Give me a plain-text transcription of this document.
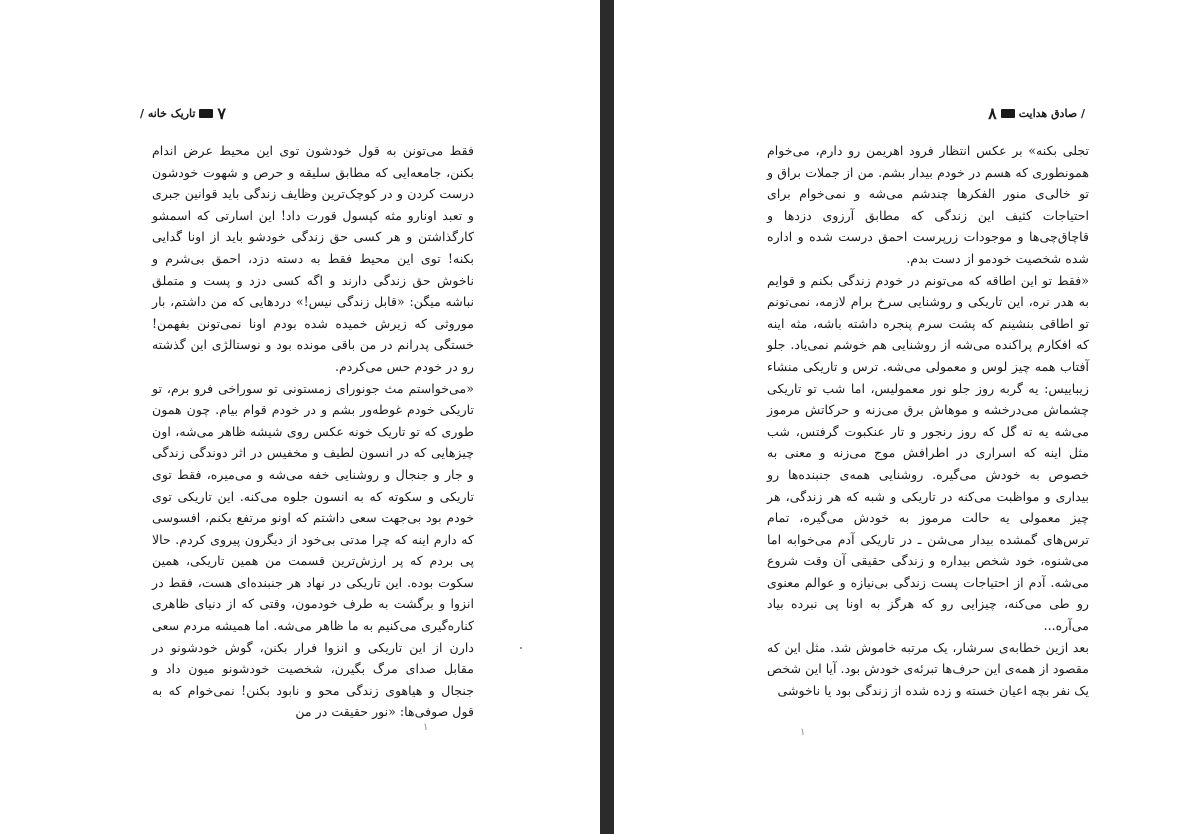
۷
تاریک خانه /

فقط می‌تونن به قول خودشون توی این محیط عرض اندام بکنن، جامعه‌ایی که مطابق سلیقه و حرص و شهوت خودشون درست کردن و در کوچک‌ترین وظایف زندگی باید قوانین جبری و تعبد اونارو مثه کپسول قورت داد! این اسارتی که اسمشو کارگذاشتن و هر کسی حق زندگی خودشو باید از اونا گدایی بکنه! توی این محیط فقط به دسته دزد، احمق بی‌شرم و ناخوش حق زندگی دارند و اگه کسی دزد و پست و متملق نباشه میگن: «قابل زندگی نیس!» دردهایی که من داشتم، بار موروثی که زیرش خمیده شده بودم اونا نمی‌تونن بفهمن! خستگی پدرانم در من باقی مونده بود و نوستالژی این گذشته رو در خودم حس می‌کردم.

«می‌خواستم مث جونورای زمستونی تو سوراخی فرو برم، تو تاریکی خودم غوطه‌ور بشم و در خودم قوام بیام. چون همون طوری که تو تاریک خونه عکس روی شیشه ظاهر می‌شه، اون چیزهایی که در انسون لطیف و مخفیس در اثر دوندگی زندگی و جار و جنجال و روشنایی خفه می‌شه و می‌میره، فقط توی تاریکی و سکوته که به انسون جلوه می‌کنه. این تاریکی توی خودم بود بی‌جهت سعی داشتم که اونو مرتفع بکنم، افسوسی که دارم اینه که چرا مدتی بی‌خود از دیگرون پیروی کردم. حالا پی بردم که پر ارزش‌ترین قسمت من همین تاریکی، همین سکوت بوده. این تاریکی در نهاد هر جنبنده‌ای هست، فقط در انزوا و برگشت به طرف خودمون، وقتی که از دنیای ظاهری کناره‌گیری می‌کنیم به ما ظاهر می‌شه. اما همیشه مردم سعی دارن از این تاریکی و انزوا فرار بکنن، گوش خودشونو در مقابل صدای مرگ بگیرن، شخصیت خودشونو میون داد و جنجال و هیاهوی زندگی محو و نابود بکنن! نمی‌خوام که به قول صوفی‌ها: «نور حقیقت در من

۱
/ صادق هدایت
۸

تجلی بکنه» بر عکس انتظار فرود اهریمن رو دارم، می‌خوام همونطوری که هسم در خودم بیدار بشم. من از جملات براق و تو خالی‌ی منور الفکرها چندشم می‌شه و نمی‌خوام برای احتیاجات کثیف این زندگی که مطابق آرزوی دزدها و قاچاق‌چی‌ها و موجودات زرپرست احمق درست شده و اداره شده شخصیت خودمو از دست بدم.

«فقط تو این اطاقه که می‌تونم در خودم زندگی بکنم و قوایم به هدر نره، این تاریکی و روشنایی سرخ برام لازمه، نمی‌تونم تو اطاقی بنشینم که پشت سرم پنجره داشته باشه، مثه اینه که افکارم پراکنده می‌شه از روشنایی هم خوشم نمی‌یاد. جلو آفتاب همه چیز لوس و معمولی می‌شه. ترس و تاریکی منشاء زیباییس: یه گربه روز جلو نور معمولیس، اما شب تو تاریکی چشماش می‌درخشه و موهاش برق می‌زنه و حرکاتش مرموز می‌شه یه ته گل که روز رنجور و تار عنکبوت گرفتس، شب مثل اینه که اسراری در اطرافش موج می‌زنه و معنی به خصوص به خودش می‌گیره. روشنایی همه‌ی جنبنده‌ها رو بیداری و مواظبت می‌کنه در تاریکی و شبه که هر زندگی، هر چیز معمولی یه حالت مرموز به خودش می‌گیره، تمام ترس‌های گمشده بیدار می‌شن ـ در تاریکی آدم می‌خوابه اما می‌شنوه، خود شخص بیداره و زندگی حقیقی آن وقت شروع می‌شه. آدم از احتیاجات پست زندگی بی‌نیازه و عوالم معنوی رو طی می‌کنه، چیزایی رو که هرگز به اونا پی نبرده بیاد می‌آره...

بعد ازین خطابه‌ی سرشار، یک مرتبه خاموش شد. مثل این که مقصود از همه‌ی این حرف‌ها تبرئه‌ی خودش بود. آیا این شخص یک نفر بچه اعیان خسته و زده شده از زندگی بود یا ناخوشی

۱
